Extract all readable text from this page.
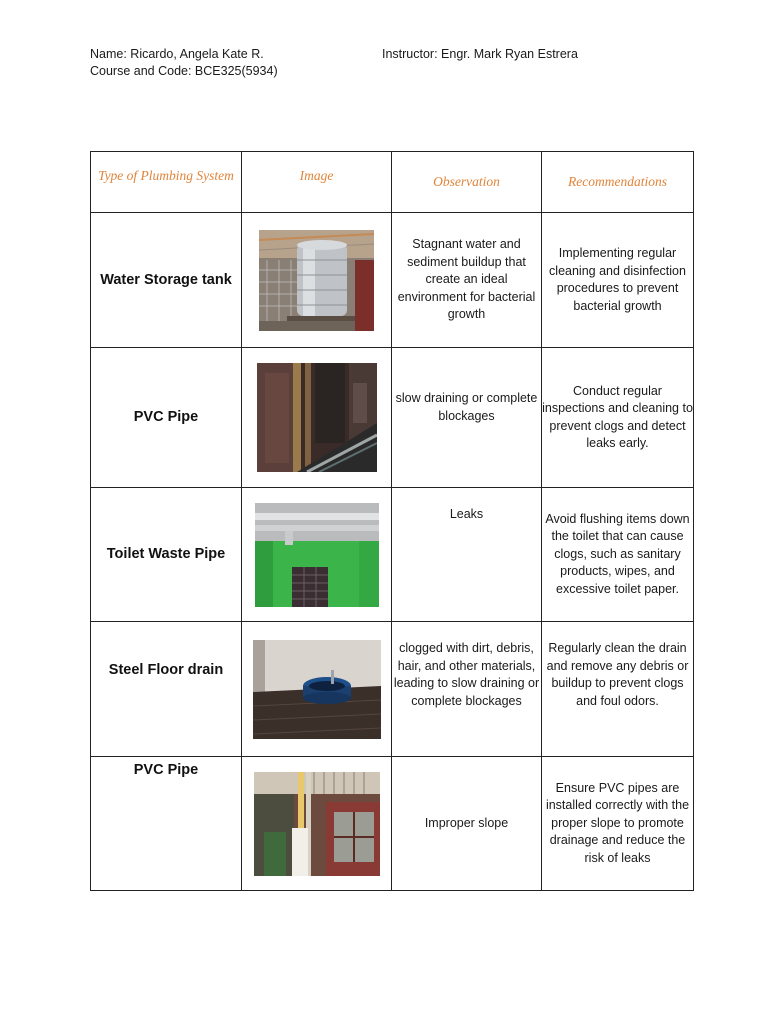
Name: Ricardo, Angela Kate R.
Course and Code: BCE325(5934)
Instructor: Engr. Mark Ryan Estrera
Type of Plumbing System	Image	Observation	Recommendations
Water Storage tank		Stagnant water and sediment buildup that create an ideal environment for bacterial growth	Implementing regular cleaning and disinfection procedures to prevent bacterial growth
PVC Pipe		slow draining or complete blockages	Conduct regular inspections and cleaning to prevent clogs and detect leaks early.
Toilet Waste Pipe		Leaks	Avoid flushing items down the toilet that can cause clogs, such as sanitary products, wipes, and excessive toilet paper.
Steel Floor drain		clogged with dirt, debris, hair, and other materials, leading to slow draining or complete blockages	Regularly clean the drain and remove any debris or buildup to prevent clogs and foul odors.
PVC Pipe		Improper slope	Ensure PVC pipes are installed correctly with the proper slope to promote drainage and reduce the risk of leaks
